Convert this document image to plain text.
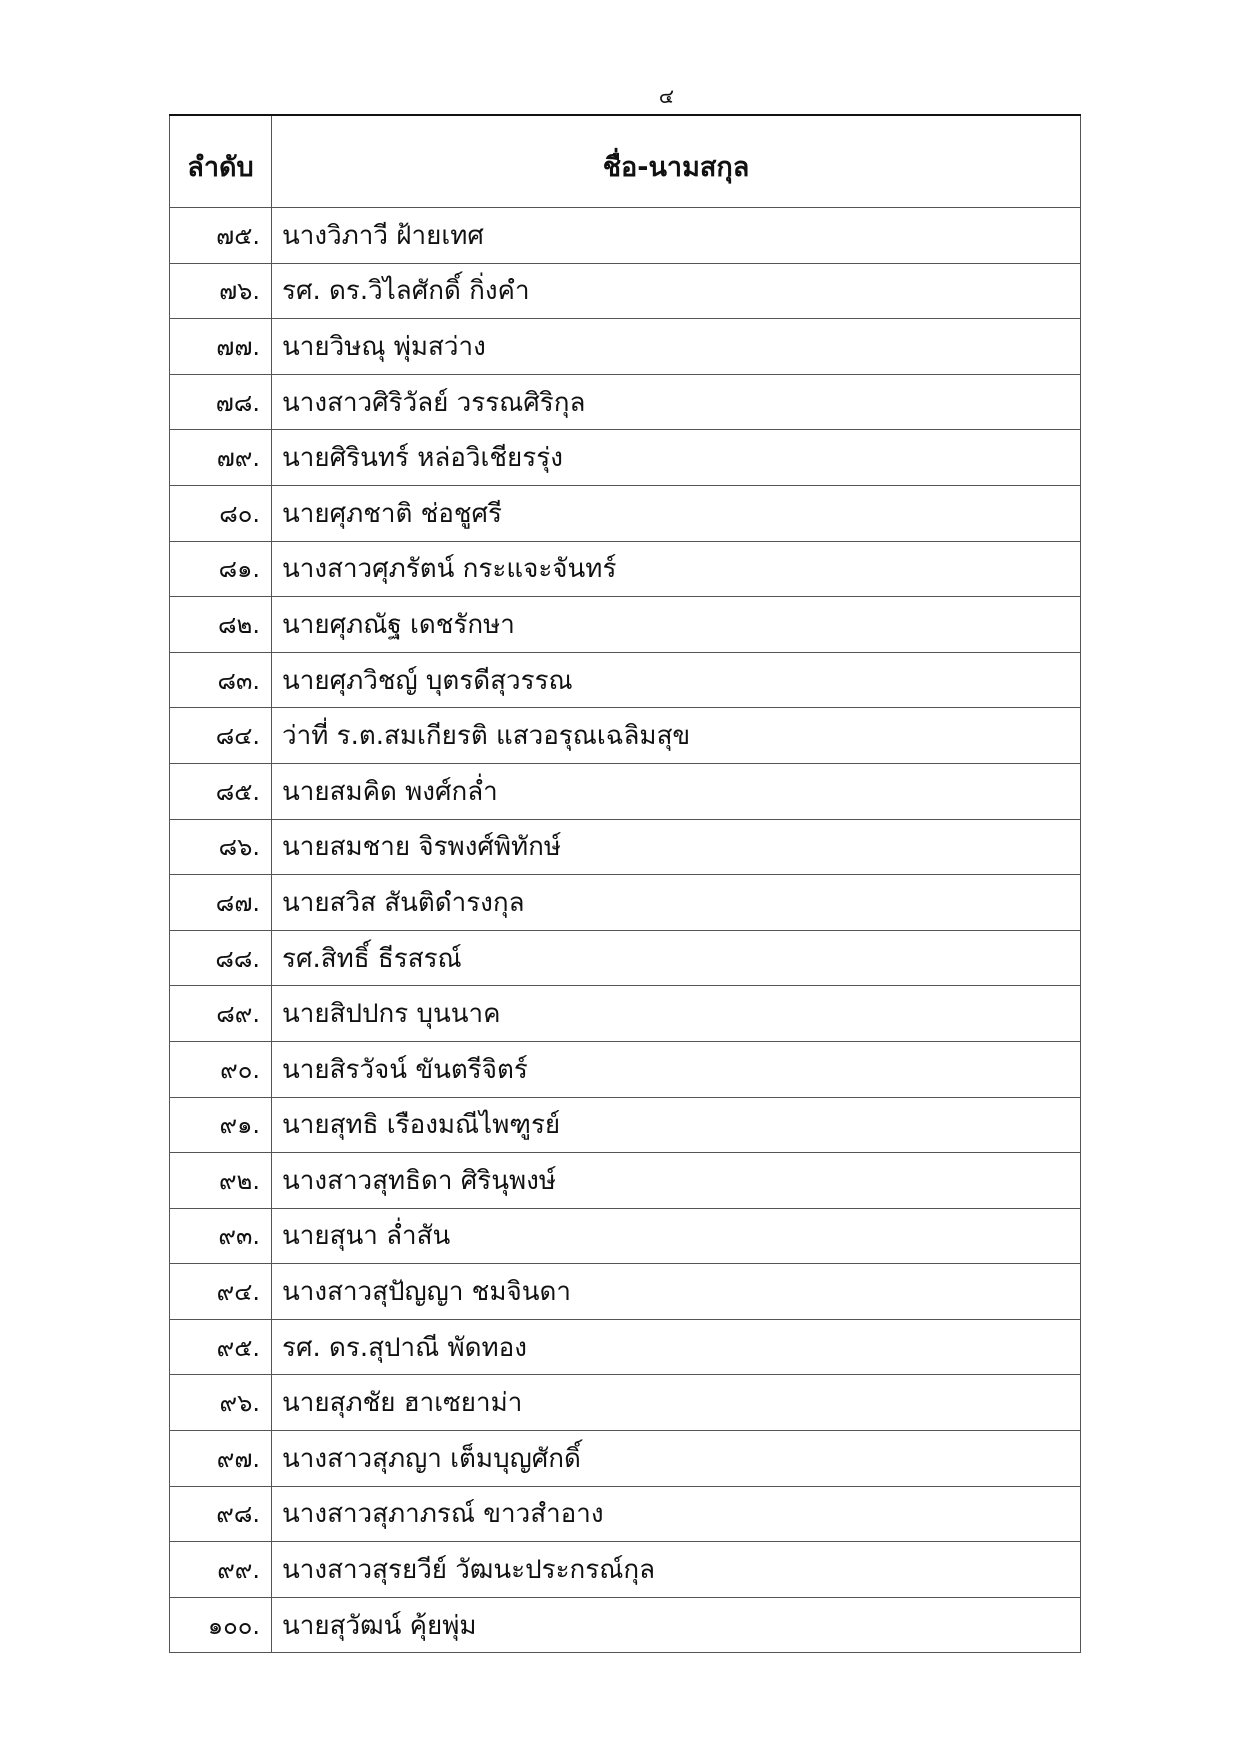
๔
ลำดับ	ชื่อ-นามสกุล
๗๕.	นางวิภาวี ฝ้ายเทศ
๗๖.	รศ. ดร.วิไลศักดิ์ กิ่งคำ
๗๗.	นายวิษณุ พุ่มสว่าง
๗๘.	นางสาวศิริวัลย์ วรรณศิริกุล
๗๙.	นายศิรินทร์ หล่อวิเชียรรุ่ง
๘๐.	นายศุภชาติ ช่อชูศรี
๘๑.	นางสาวศุภรัตน์ กระแจะจันทร์
๘๒.	นายศุภณัฐ เดชรักษา
๘๓.	นายศุภวิชญ์ บุตรดีสุวรรณ
๘๔.	ว่าที่ ร.ต.สมเกียรติ แสวอรุณเฉลิมสุข
๘๕.	นายสมคิด พงศ์กล่ำ
๘๖.	นายสมชาย จิรพงศ์พิทักษ์
๘๗.	นายสวิส สันติดำรงกุล
๘๘.	รศ.สิทธิ์ ธีรสรณ์
๘๙.	นายสิปปกร บุนนาค
๙๐.	นายสิรวัจน์ ขันตรีจิตร์
๙๑.	นายสุทธิ เรืองมณีไพฑูรย์
๙๒.	นางสาวสุทธิดา ศิรินุพงษ์
๙๓.	นายสุนา ล่ำสัน
๙๔.	นางสาวสุปัญญา ชมจินดา
๙๕.	รศ. ดร.สุปาณี พัดทอง
๙๖.	นายสุภชัย ฮาเซยาม่า
๙๗.	นางสาวสุภญา เต็มบุญศักดิ์
๙๘.	นางสาวสุภาภรณ์ ขาวสำอาง
๙๙.	นางสาวสุรยวีย์ วัฒนะประกรณ์กุล
๑๐๐.	นายสุวัฒน์ คุ้ยพุ่ม
